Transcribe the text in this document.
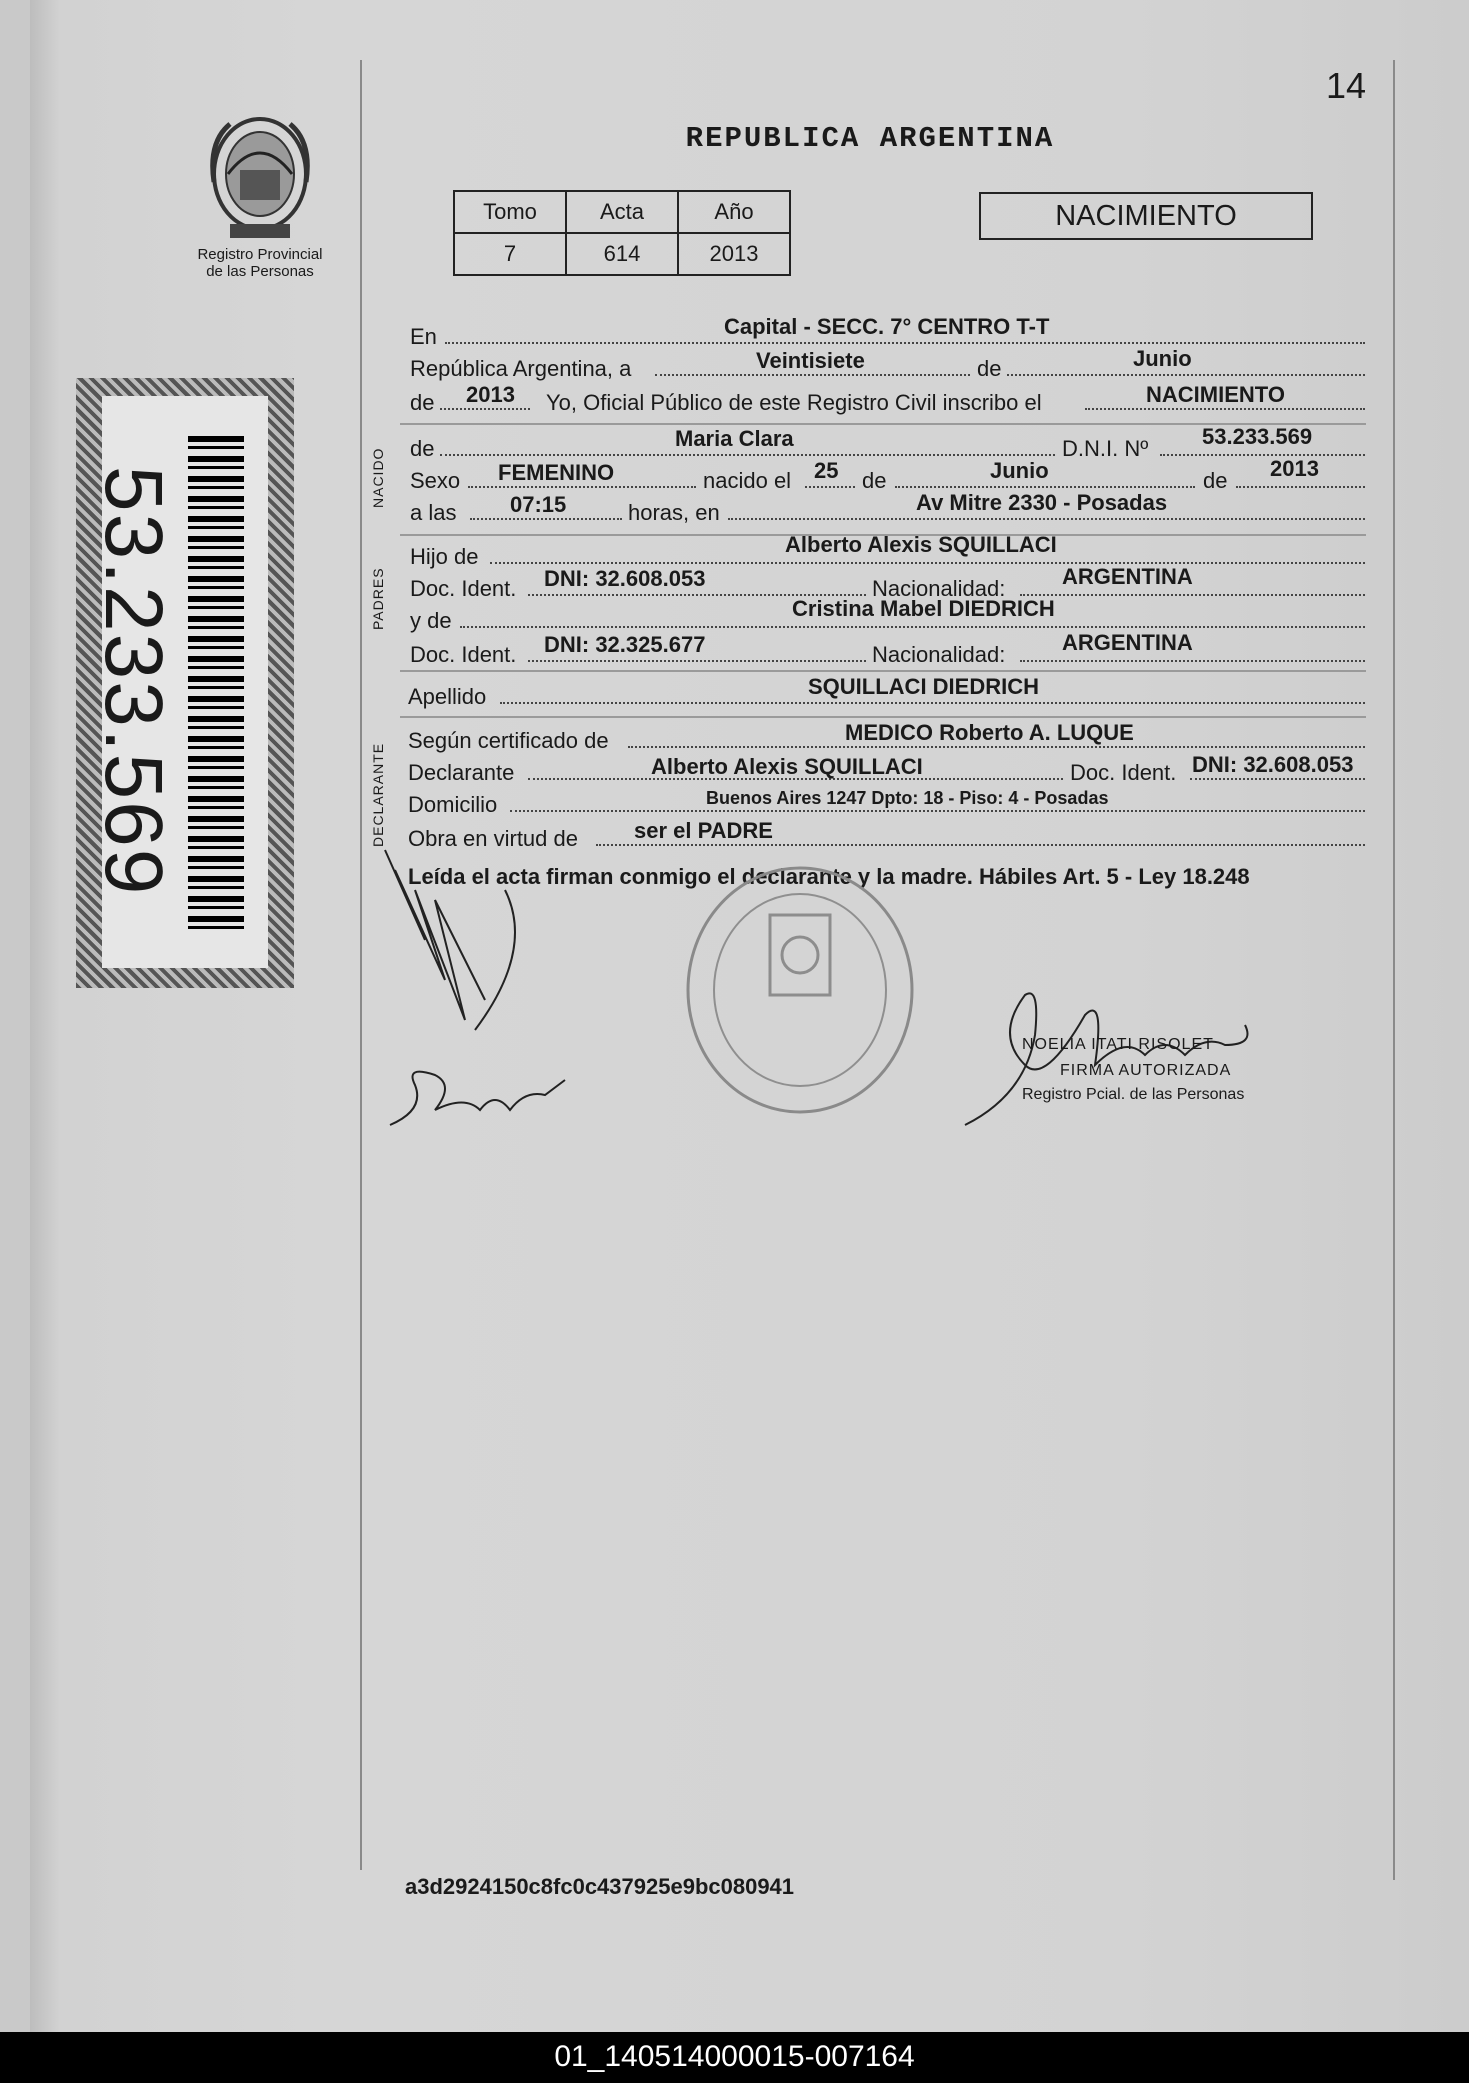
14
Registro Provincial
de las Personas
53.233.569
REPUBLICA ARGENTINA
Tomo	Acta	Año
7	614	2013
NACIMIENTO
En	Capital - SECC. 7° CENTRO T-T
República Argentina, a	Veintisiete	de	Junio
de 2013 Yo, Oficial Público de este Registro Civil inscribo el	NACIMIENTO
NACIDO de	Maria Clara	D.N.I. Nº 53.233.569
Sexo FEMENINO	nacido el 25 de	Junio	de 2013
a las 07:15	horas, en	Av Mitre 2330 - Posadas
PADRES
Hijo de	Alberto Alexis SQUILLACI
Doc. Ident. DNI: 32.608.053	Nacionalidad:	ARGENTINA
y de	Cristina Mabel DIEDRICH
Doc. Ident. DNI: 32.325.677	Nacionalidad:	ARGENTINA
Apellido	SQUILLACI DIEDRICH
DECLARANTE
Según certificado de	MEDICO Roberto A. LUQUE
Declarante	Alberto Alexis SQUILLACI	Doc. Ident. DNI: 32.608.053
Domicilio	Buenos Aires 1247 Dpto: 18 - Piso: 4 - Posadas
Obra en virtud de	ser el PADRE
Leída el acta firman conmigo el declarante y la madre. Hábiles Art. 5 - Ley 18.248
NOELIA ITATI RISOLET
FIRMA AUTORIZADA
Registro Pcial. de las Personas
a3d2924150c8fc0c437925e9bc080941
01_140514000015-007164
